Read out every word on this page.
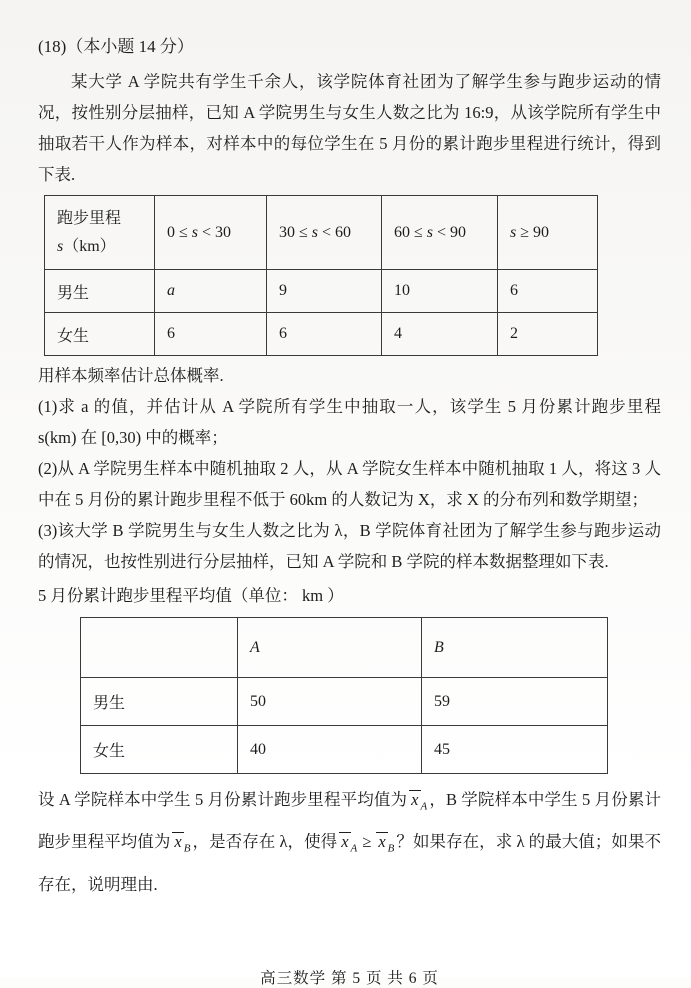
(18)（本小题 14 分）

某大学 A 学院共有学生千余人，该学院体育社团为了解学生参与跑步运动的情况，按性别分层抽样，已知 A 学院男生与女生人数之比为 16:9，从该学院所有学生中抽取若干人作为样本，对样本中的每位学生在 5 月份的累计跑步里程进行统计，得到下表.

跑步里程
s（km）	0 ≤ s < 30	30 ≤ s < 60	60 ≤ s < 90	s ≥ 90
男生	a	9	10	6
女生	6	6	4	2

用样本频率估计总体概率.

(1)求 a 的值，并估计从 A 学院所有学生中抽取一人，该学生 5 月份累计跑步里程 s(km) 在 [0,30) 中的概率；

(2)从 A 学院男生样本中随机抽取 2 人，从 A 学院女生样本中随机抽取 1 人，将这 3 人中在 5 月份的累计跑步里程不低于 60km 的人数记为 X，求 X 的分布列和数学期望；

(3)该大学 B 学院男生与女生人数之比为 λ，B 学院体育社团为了解学生参与跑步运动的情况，也按性别进行分层抽样，已知 A 学院和 B 学院的样本数据整理如下表.

5 月份累计跑步里程平均值（单位： km ）

	A	B
男生	50	59
女生	40	45

设 A 学院样本中学生 5 月份累计跑步里程平均值为 x $_A$ ，B 学院样本中学生 5 月份累计跑步里程平均值为 x $_B$ ，是否存在 λ，使得 x $_A$ ≥ x $_B$ ？如果存在，求 λ 的最大值；如果不存在，说明理由.

高三数学 第 5 页 共 6 页
